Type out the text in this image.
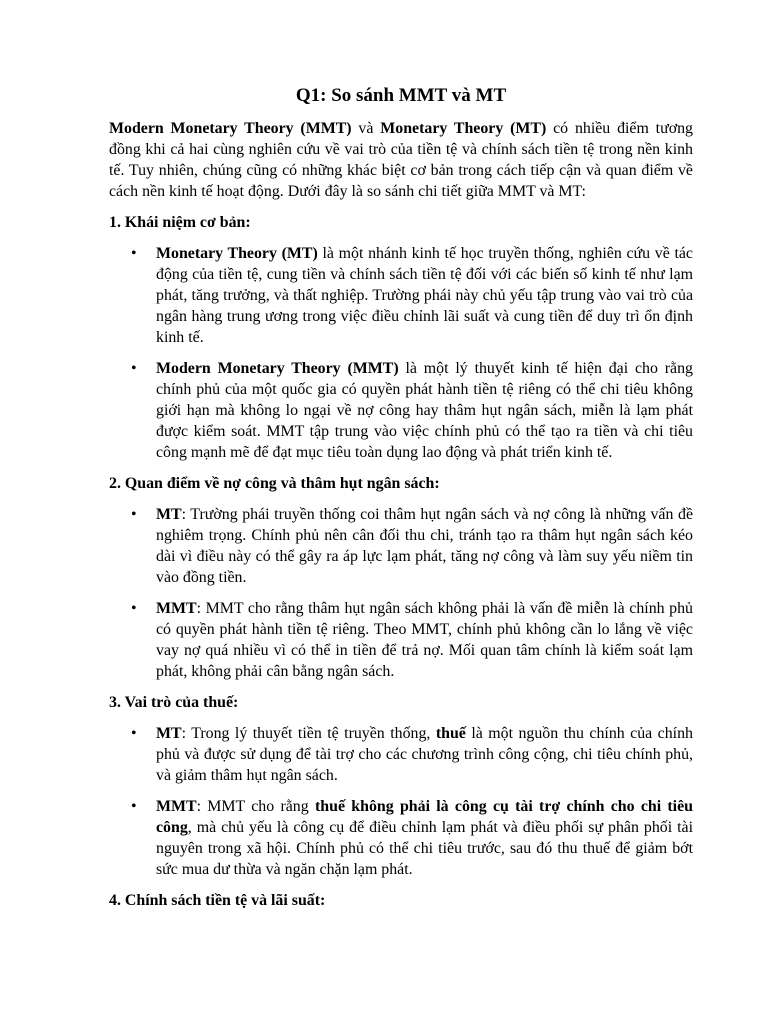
Q1: So sánh MMT và MT

Modern Monetary Theory (MMT) và Monetary Theory (MT) có nhiều điểm tương đồng khi cả hai cùng nghiên cứu về vai trò của tiền tệ và chính sách tiền tệ trong nền kinh tế. Tuy nhiên, chúng cũng có những khác biệt cơ bản trong cách tiếp cận và quan điểm về cách nền kinh tế hoạt động. Dưới đây là so sánh chi tiết giữa MMT và MT:

1. Khái niệm cơ bản:
• Monetary Theory (MT) là một nhánh kinh tế học truyền thống, nghiên cứu về tác động của tiền tệ, cung tiền và chính sách tiền tệ đối với các biến số kinh tế như lạm phát, tăng trưởng, và thất nghiệp. Trường phái này chủ yếu tập trung vào vai trò của ngân hàng trung ương trong việc điều chỉnh lãi suất và cung tiền để duy trì ổn định kinh tế.
• Modern Monetary Theory (MMT) là một lý thuyết kinh tế hiện đại cho rằng chính phủ của một quốc gia có quyền phát hành tiền tệ riêng có thể chi tiêu không giới hạn mà không lo ngại về nợ công hay thâm hụt ngân sách, miễn là lạm phát được kiểm soát. MMT tập trung vào việc chính phủ có thể tạo ra tiền và chi tiêu công mạnh mẽ để đạt mục tiêu toàn dụng lao động và phát triển kinh tế.
2. Quan điểm về nợ công và thâm hụt ngân sách:
• MT: Trường phái truyền thống coi thâm hụt ngân sách và nợ công là những vấn đề nghiêm trọng. Chính phủ nên cân đối thu chi, tránh tạo ra thâm hụt ngân sách kéo dài vì điều này có thể gây ra áp lực lạm phát, tăng nợ công và làm suy yếu niềm tin vào đồng tiền.
• MMT: MMT cho rằng thâm hụt ngân sách không phải là vấn đề miễn là chính phủ có quyền phát hành tiền tệ riêng. Theo MMT, chính phủ không cần lo lắng về việc vay nợ quá nhiều vì có thể in tiền để trả nợ. Mối quan tâm chính là kiểm soát lạm phát, không phải cân bằng ngân sách.
3. Vai trò của thuế:
• MT: Trong lý thuyết tiền tệ truyền thống, thuế là một nguồn thu chính của chính phủ và được sử dụng để tài trợ cho các chương trình công cộng, chi tiêu chính phủ, và giảm thâm hụt ngân sách.
• MMT: MMT cho rằng thuế không phải là công cụ tài trợ chính cho chi tiêu công, mà chủ yếu là công cụ để điều chỉnh lạm phát và điều phối sự phân phối tài nguyên trong xã hội. Chính phủ có thể chi tiêu trước, sau đó thu thuế để giảm bớt sức mua dư thừa và ngăn chặn lạm phát.
4. Chính sách tiền tệ và lãi suất:
